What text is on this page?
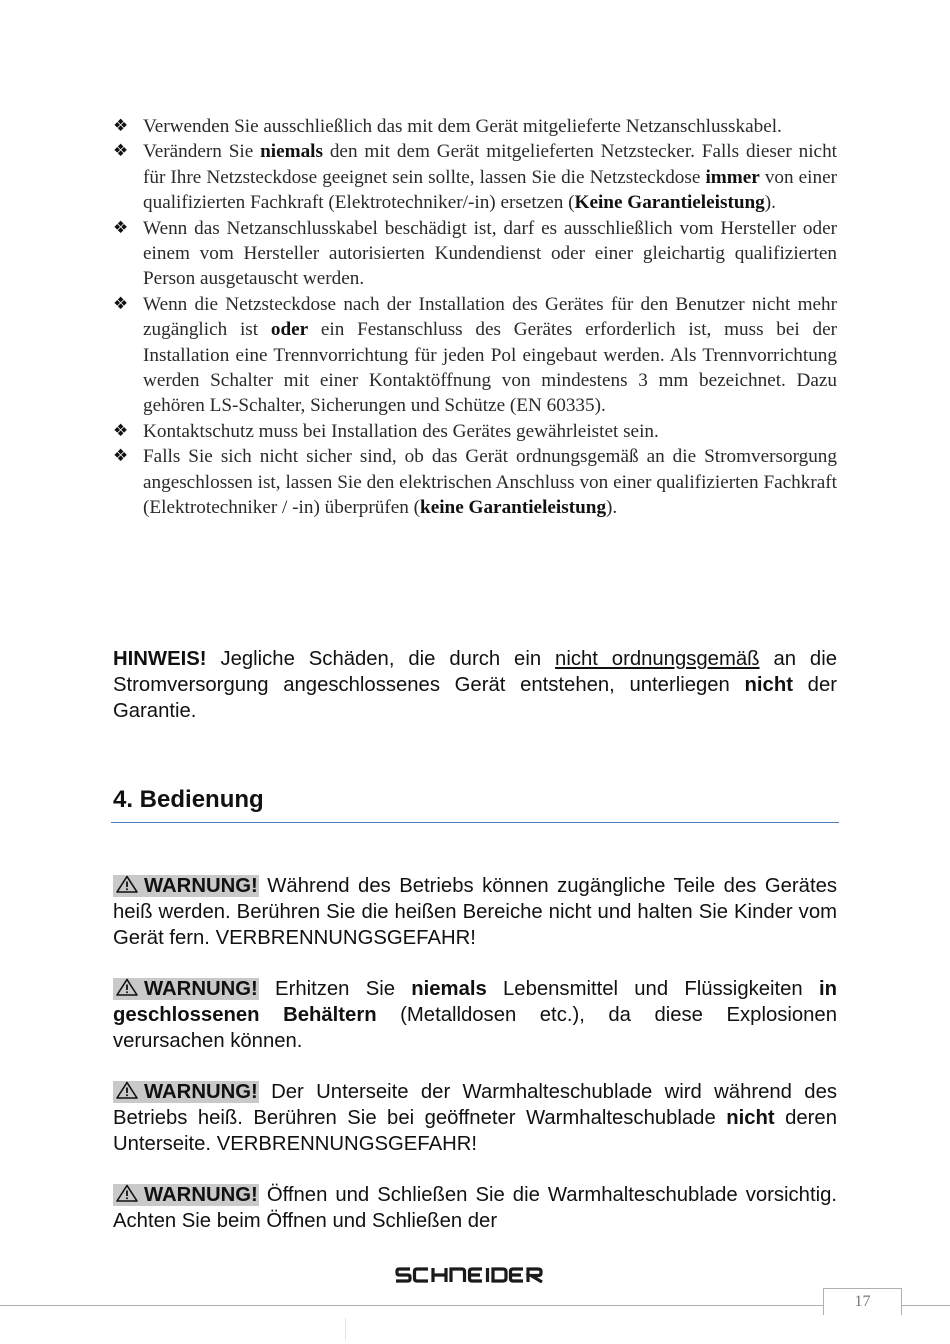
❖ Verwenden Sie ausschließlich das mit dem Gerät mitgelieferte Netzanschlusskabel.
❖ Verändern Sie niemals den mit dem Gerät mitgelieferten Netzstecker. Falls dieser nicht für Ihre Netzsteckdose geeignet sein sollte, lassen Sie die Netzsteckdose immer von einer qualifizierten Fachkraft (Elektrotechniker/-in) ersetzen (Keine Garantieleistung).
❖ Wenn das Netzanschlusskabel beschädigt ist, darf es ausschließlich vom Hersteller oder einem vom Hersteller autorisierten Kundendienst oder einer gleichartig qualifizierten Person ausgetauscht werden.
❖ Wenn die Netzsteckdose nach der Installation des Gerätes für den Benutzer nicht mehr zugänglich ist oder ein Festanschluss des Gerätes erforderlich ist, muss bei der Installation eine Trennvorrichtung für jeden Pol eingebaut werden. Als Trennvorrichtung werden Schalter mit einer Kontaktöffnung von mindestens 3 mm bezeichnet. Dazu gehören LS-Schalter, Sicherungen und Schütze (EN 60335).
❖ Kontaktschutz muss bei Installation des Gerätes gewährleistet sein.
❖ Falls Sie sich nicht sicher sind, ob das Gerät ordnungsgemäß an die Stromversorgung angeschlossen ist, lassen Sie den elektrischen Anschluss von einer qualifizierten Fachkraft (Elektrotechniker / -in) überprüfen (keine Garantieleistung).
HINWEIS! Jegliche Schäden, die durch ein nicht ordnungsgemäß an die Stromversorgung angeschlossenes Gerät entstehen, unterliegen nicht der Garantie.
4. Bedienung
WARNUNG! Während des Betriebs können zugängliche Teile des Gerätes heiß werden. Berühren Sie die heißen Bereiche nicht und halten Sie Kinder vom Gerät fern. VERBRENNUNGSGEFAHR!
WARNUNG! Erhitzen Sie niemals Lebensmittel und Flüssigkeiten in geschlossenen Behältern (Metalldosen etc.), da diese Explosionen verursachen können.
WARNUNG! Der Unterseite der Warmhalteschublade wird während des Betriebs heiß. Berühren Sie bei geöffneter Warmhalteschublade nicht deren Unterseite. VERBRENNUNGSGEFAHR!
WARNUNG! Öffnen und Schließen Sie die Warmhalteschublade vorsichtig. Achten Sie beim Öffnen und Schließen der
17
